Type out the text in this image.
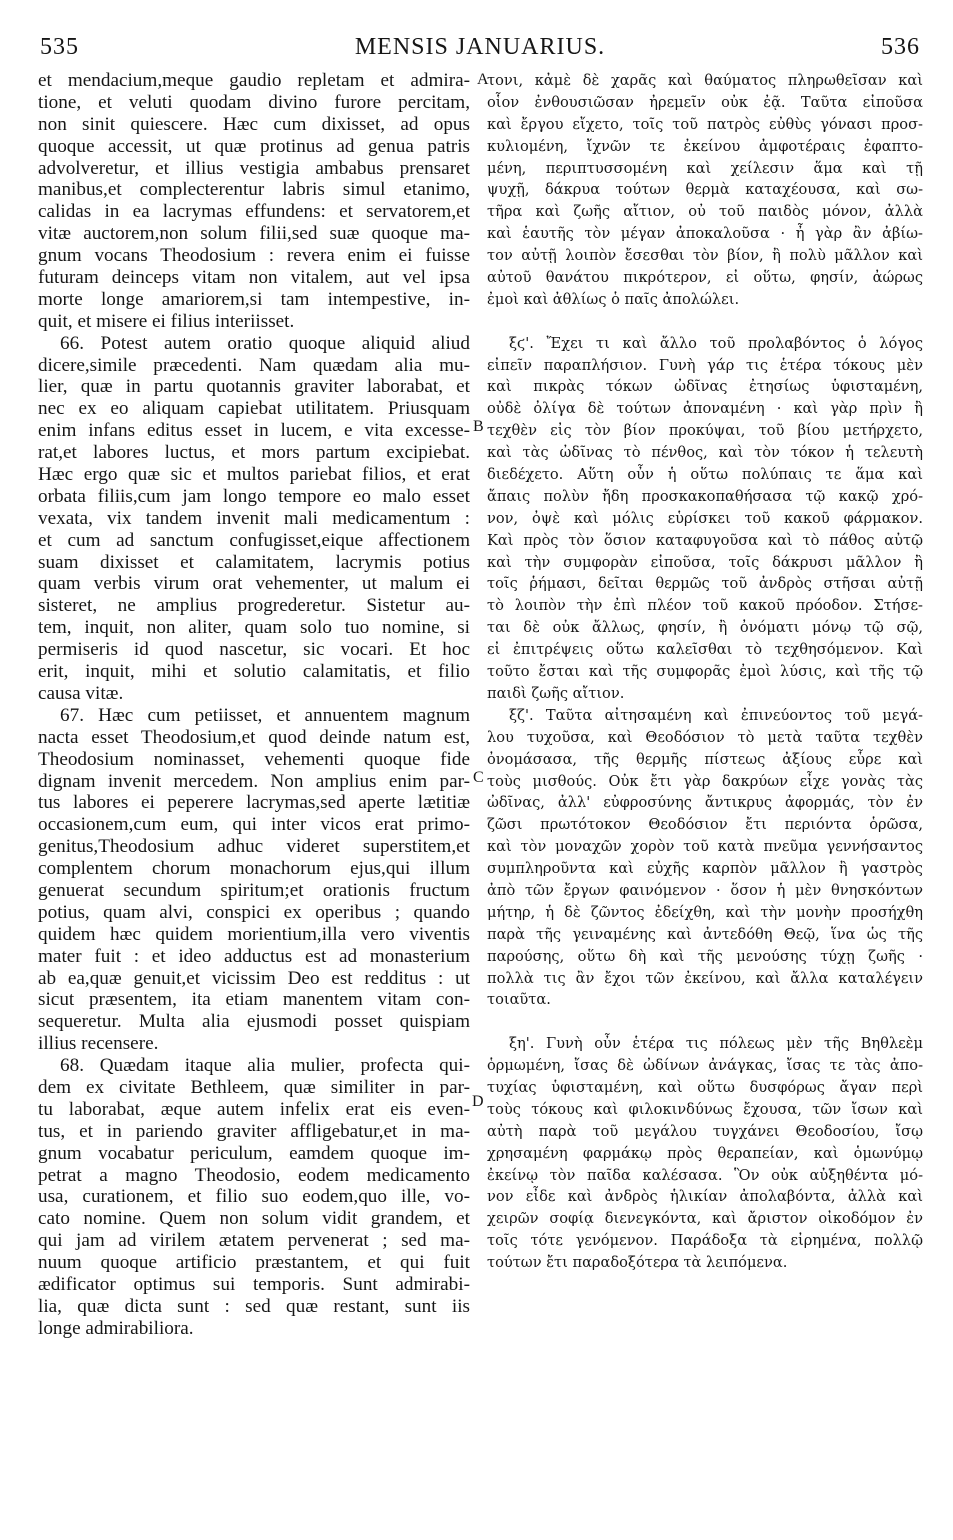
535	MENSIS JANUARIUS.	536
et mendacium,meque gaudio repletam et admira-
tione, et veluti quodam divino furore percitam,
non sinit quiescere. Hæc cum dixisset, ad opus
quoque accessit, ut quæ protinus ad genua patris
advolveretur, et illius vestigia ambabus prensaret
manibus,et complecterentur labris simul etanimo,
calidas in ea lacrymas effundens: et servatorem,et
vitæ auctorem,non solum filii,sed suæ quoque ma-
gnum vocans Theodosium : revera enim ei fuisse
futuram deinceps vitam non vitalem, aut vel ipsa
morte longe amariorem,si tam intempestive, in-
quit, et misere ei filius interiisset.
66. Potest autem oratio quoque aliquid aliud
dicere,simile præcedenti. Nam quædam alia mu-
lier, quæ in partu quotannis graviter laborabat, et
nec ex eo aliquam capiebat utilitatem. Priusquam
enim infans editus esset in lucem, e vita excesse-
rat,et labores luctus, et mors partum excipiebat.
Hæc ergo quæ sic et multos pariebat filios, et erat
orbata filiis,cum jam longo tempore eo malo esset
vexata, vix tandem invenit mali medicamentum :
et cum ad sanctum confugisset,eique affectionem
suam dixisset et calamitatem, lacrymis potius
quam verbis virum orat vehementer, ut malum ei
sisteret, ne amplius progrederetur. Sistetur au-
tem, inquit, non aliter, quam solo tuo nomine, si
permiseris id quod nascetur, sic vocari. Et hoc
erit, inquit, mihi et solutio calamitatis, et filio
causa vitæ.
67. Hæc cum petiisset, et annuentem magnum
nacta esset Theodosium,et quod deinde natum est,
Theodosium nominasset, vehementi quoque fide
dignam invenit mercedem. Non amplius enim par-
tus labores ei peperere lacrymas,sed aperte lætitiæ
occasionem,cum eum, qui inter vicos erat primo-
genitus,Theodosium adhuc videret superstitem,et
complentem chorum monachorum ejus,qui illum
genuerat secundum spiritum;et orationis fructum
potius, quam alvi, conspici ex operibus ; quando
quidem hæc quidem morientium,illa vero viventis
mater fuit : et ideo adductus est ad monasterium
ab ea,quæ genuit,et vicissim Deo est redditus : ut
sicut præsentem, ita etiam manentem vitam con-
sequeretur. Multa alia ejusmodi posset quispiam
illius recensere.
68. Quædam itaque alia mulier, profecta qui-
dem ex civitate Bethleem, quæ similiter in par-
tu laborabat, æque autem infelix erat eis even-
tus, et in pariendo graviter affligebatur,et in ma-
gnum vocabatur periculum, eamdem quoque im-
petrat a magno Theodosio, eodem medicamento
usa, curationem, et filio suo eodem,quo ille, vo-
cato nomine. Quem non solum vidit grandem, et
qui jam ad virilem ætatem pervenerat ; sed ma-
nuum quoque artificio præstantem, et qui fuit
ædificator optimus sui temporis. Sunt admirabi-
lia, quæ dicta sunt : sed quæ restant, sunt iis
longe admirabiliora.
τονι, κἀμὲ δὲ χαρᾶς καὶ θαύματος πληρωθεῖσαν καὶ
οἷον ἐνθουσιῶσαν ἠρεμεῖν οὐκ ἐᾷ. Ταῦτα εἰποῦσα
καὶ ἔργου εἴχετο, τοῖς τοῦ πατρὸς εὐθὺς γόνασι προσ-
κυλιομένη, ἴχνῶν τε ἐκείνου ἀμφοτέραις ἐφαπτο-
μένη, περιπτυσσομένη καὶ χείλεσιν ἅμα καὶ τῇ
ψυχῇ, δάκρυα τούτων θερμὰ καταχέουσα, καὶ σω-
τῆρα καὶ ζωῆς αἴτιον, οὐ τοῦ παιδὸς μόνον, ἀλλὰ
καὶ ἑαυτῆς τὸν μέγαν ἀποκαλοῦσα · ἦ γὰρ ἂν ἀβίω-
τον αὐτῇ λοιπὸν ἔσεσθαι τὸν βίον, ἢ πολὺ μᾶλλον καὶ
αὐτοῦ θανάτου πικρότερον, εἰ οὕτω, φησίν, ἀώρως
ἐμοὶ καὶ ἀθλίως ὁ παῖς ἀπολώλει.
ξϛ'. Ἔχει τι καὶ ἄλλο τοῦ προλαβόντος ὁ λόγος
εἰπεῖν παραπλήσιον. Γυνὴ γάρ τις ἑτέρα τόκους μὲν
καὶ πικρὰς τόκων ὠδῖνας ἐτησίως ὑφισταμένη,
οὐδὲ ὀλίγα δὲ τούτων ἀποναμένη · καὶ γὰρ πρὶν ἢ
τεχθὲν εἰς τὸν βίον προκύψαι, τοῦ βίου μετήρχετο,
καὶ τὰς ὠδῖνας τὸ πένθος, καὶ τὸν τόκον ἡ τελευτὴ
διεδέχετο. Αὕτη οὖν ἡ οὕτω πολύπαις τε ἅμα καὶ
ἄπαις πολὺν ἤδη προσκακοπαθήσασα τῷ κακῷ χρό-
νον, ὀψὲ καὶ μόλις εὑρίσκει τοῦ κακοῦ φάρμακον.
Καὶ πρὸς τὸν ὅσιον καταφυγοῦσα καὶ τὸ πάθος αὐτῷ
καὶ τὴν συμφορὰν εἰποῦσα, τοῖς δάκρυσι μᾶλλον ἢ
τοῖς ῥήμασι, δεῖται θερμῶς τοῦ ἀνδρὸς στῆσαι αὐτῇ
τὸ λοιπὸν τὴν ἐπὶ πλέον τοῦ κακοῦ πρόοδον. Στήσε-
ται δὲ οὐκ ἄλλως, φησίν, ἢ ὀνόματι μόνῳ τῷ σῷ,
εἰ ἐπιτρέψεις οὕτω καλεῖσθαι τὸ τεχθησόμενον. Καὶ
τοῦτο ἔσται καὶ τῆς συμφορᾶς ἐμοὶ λύσις, καὶ τῆς τῷ
παιδὶ ζωῆς αἴτιον.
ξζ'. Ταῦτα αἰτησαμένη καὶ ἐπινεύοντος τοῦ μεγά-
λου τυχοῦσα, καὶ Θεοδόσιον τὸ μετὰ ταῦτα τεχθὲν
ὀνομάσασα, τῆς θερμῆς πίστεως ἀξίους εὗρε καὶ
τοὺς μισθούς. Οὐκ ἔτι γὰρ δακρύων εἶχε γονὰς τὰς
ὠδῖνας, ἀλλ' εὐφροσύνης ἄντικρυς ἀφορμάς, τὸν ἐν
ζῶσι πρωτότοκον Θεοδόσιον ἔτι περιόντα ὁρῶσα,
καὶ τὸν μοναχῶν χορὸν τοῦ κατὰ πνεῦμα γεννήσαντος
συμπληροῦντα καὶ εὐχῆς καρπὸν μᾶλλον ἢ γαστρὸς
ἀπὸ τῶν ἔργων φαινόμενον · ὅσον ἡ μὲν θνησκόντων
μήτηρ, ἡ δὲ ζῶντος ἐδείχθη, καὶ τὴν μονὴν προσήχθη
παρὰ τῆς γειναμένης καὶ ἀντεδόθη Θεῷ, ἵνα ὡς τῆς
παρούσης, οὕτω δὴ καὶ τῆς μενούσης τύχῃ ζωῆς ·
πολλὰ τις ἂν ἔχοι τῶν ἐκείνου, καὶ ἄλλα καταλέγειν
τοιαῦτα.
ξη'. Γυνὴ οὖν ἑτέρα τις πόλεως μὲν τῆς Βηθλεὲμ
ὁρμωμένη, ἴσας δὲ ὠδίνων ἀνάγκας, ἴσας τε τὰς ἀπο-
τυχίας ὑφισταμένη, καὶ οὕτω δυσφόρως ἄγαν περὶ
τοὺς τόκους καὶ φιλοκινδύνως ἔχουσα, τῶν ἴσων καὶ
αὐτὴ παρὰ τοῦ μεγάλου τυγχάνει Θεοδοσίου, ἴσῳ
χρησαμένη φαρμάκῳ πρὸς θεραπείαν, καὶ ὁμωνύμῳ
ἐκείνῳ τὸν παῖδα καλέσασα. Ὃν οὐκ αὐξηθέντα μό-
νον εἶδε καὶ ἀνδρὸς ἡλικίαν ἀπολαβόντα, ἀλλὰ καὶ
χειρῶν σοφίᾳ διενεγκόντα, καὶ ἄριστον οἰκοδόμον ἐν
τοῖς τότε γενόμενον. Παράδοξα τὰ εἰρημένα, πολλῷ
τούτων ἔτι παραδοξότερα τὰ λειπόμενα.
A
B
C
D
